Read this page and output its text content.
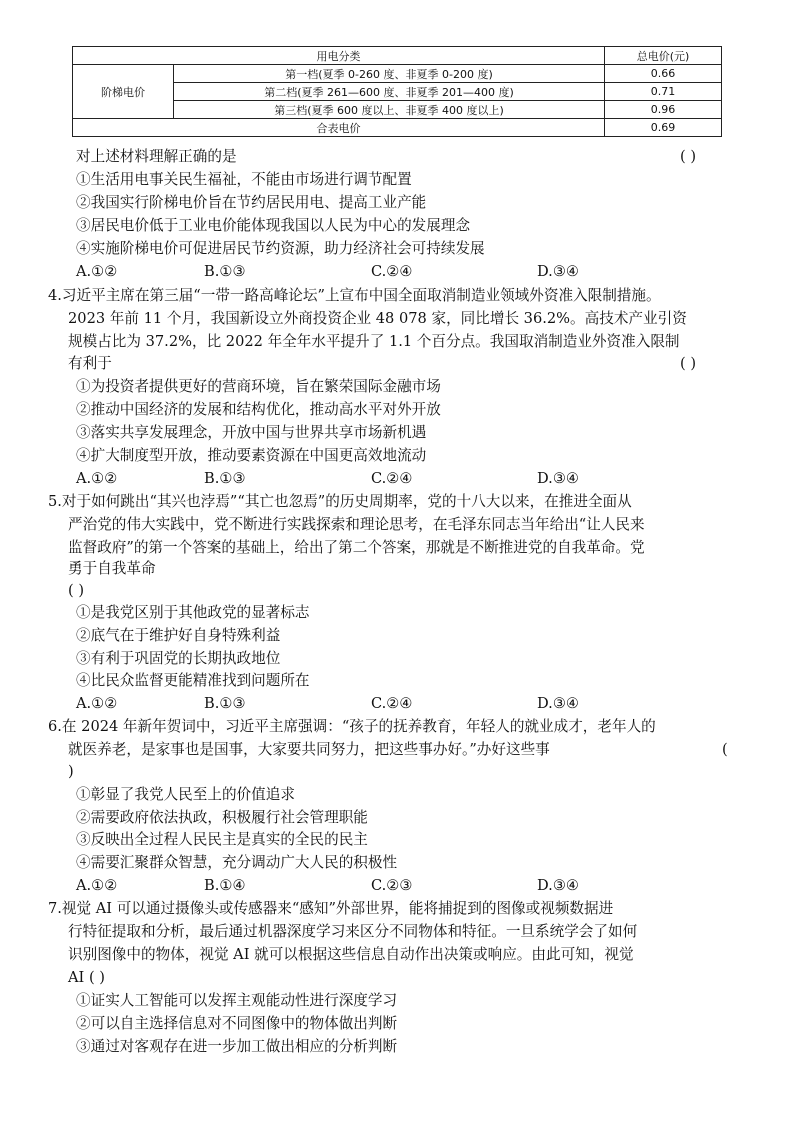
用电分类		总电价(元)
阶梯电价	第一档(夏季 0-260 度、非夏季 0-200 度)	0.66
	第二档(夏季 261—600 度、非夏季 201—400 度)	0.71
	第三档(夏季 600 度以上、非夏季 400 度以上)	0.96
合表电价		0.69
对上述材料理解正确的是	( )
①生活用电事关民生福祉，不能由市场进行调节配置
②我国实行阶梯电价旨在节约居民用电、提高工业产能
③居民电价低于工业电价能体现我国以人民为中心的发展理念
④实施阶梯电价可促进居民节约资源，助力经济社会可持续发展
A.①②	B.①③	C.②④	D.③④
4.习近平主席在第三届“一带一路高峰论坛”上宣布中国全面取消制造业领域外资准入限制措施。
2023 年前 11 个月，我国新设立外商投资企业 48 078 家，同比增长 36.2%。高技术产业引资
规模占比为 37.2%，比 2022 年全年水平提升了 1.1 个百分点。我国取消制造业外资准入限制
有利于	( )
①为投资者提供更好的营商环境，旨在繁荣国际金融市场
②推动中国经济的发展和结构优化，推动高水平对外开放
③落实共享发展理念，开放中国与世界共享市场新机遇
④扩大制度型开放，推动要素资源在中国更高效地流动
A.①②	B.①③	C.②④	D.③④
5.对于如何跳出“其兴也浡焉”“其亡也忽焉”的历史周期率，党的十八大以来，在推进全面从
严治党的伟大实践中，党不断进行实践探索和理论思考，在毛泽东同志当年给出“让人民来
监督政府”的第一个答案的基础上，给出了第二个答案，那就是不断推进党的自我革命。党
勇于自我革命
( )
①是我党区别于其他政党的显著标志
②底气在于维护好自身特殊利益
③有利于巩固党的长期执政地位
④比民众监督更能精准找到问题所在
A.①②	B.①③	C.②④	D.③④
6.在 2024 年新年贺词中，习近平主席强调：“孩子的抚养教育，年轻人的就业成才，老年人的
就医养老，是家事也是国事，大家要共同努力，把这些事办好。”办好这些事	(
)
①彰显了我党人民至上的价值追求
②需要政府依法执政，积极履行社会管理职能
③反映出全过程人民民主是真实的全民的民主
④需要汇聚群众智慧，充分调动广大人民的积极性
A.①②	B.①④	C.②③	D.③④
7.视觉 AI 可以通过摄像头或传感器来“感知”外部世界，能将捕捉到的图像或视频数据进
行特征提取和分析，最后通过机器深度学习来区分不同物体和特征。一旦系统学会了如何
识别图像中的物体，视觉 AI 就可以根据这些信息自动作出决策或响应。由此可知，视觉
AI ( )
①证实人工智能可以发挥主观能动性进行深度学习
②可以自主选择信息对不同图像中的物体做出判断
③通过对客观存在进一步加工做出相应的分析判断
